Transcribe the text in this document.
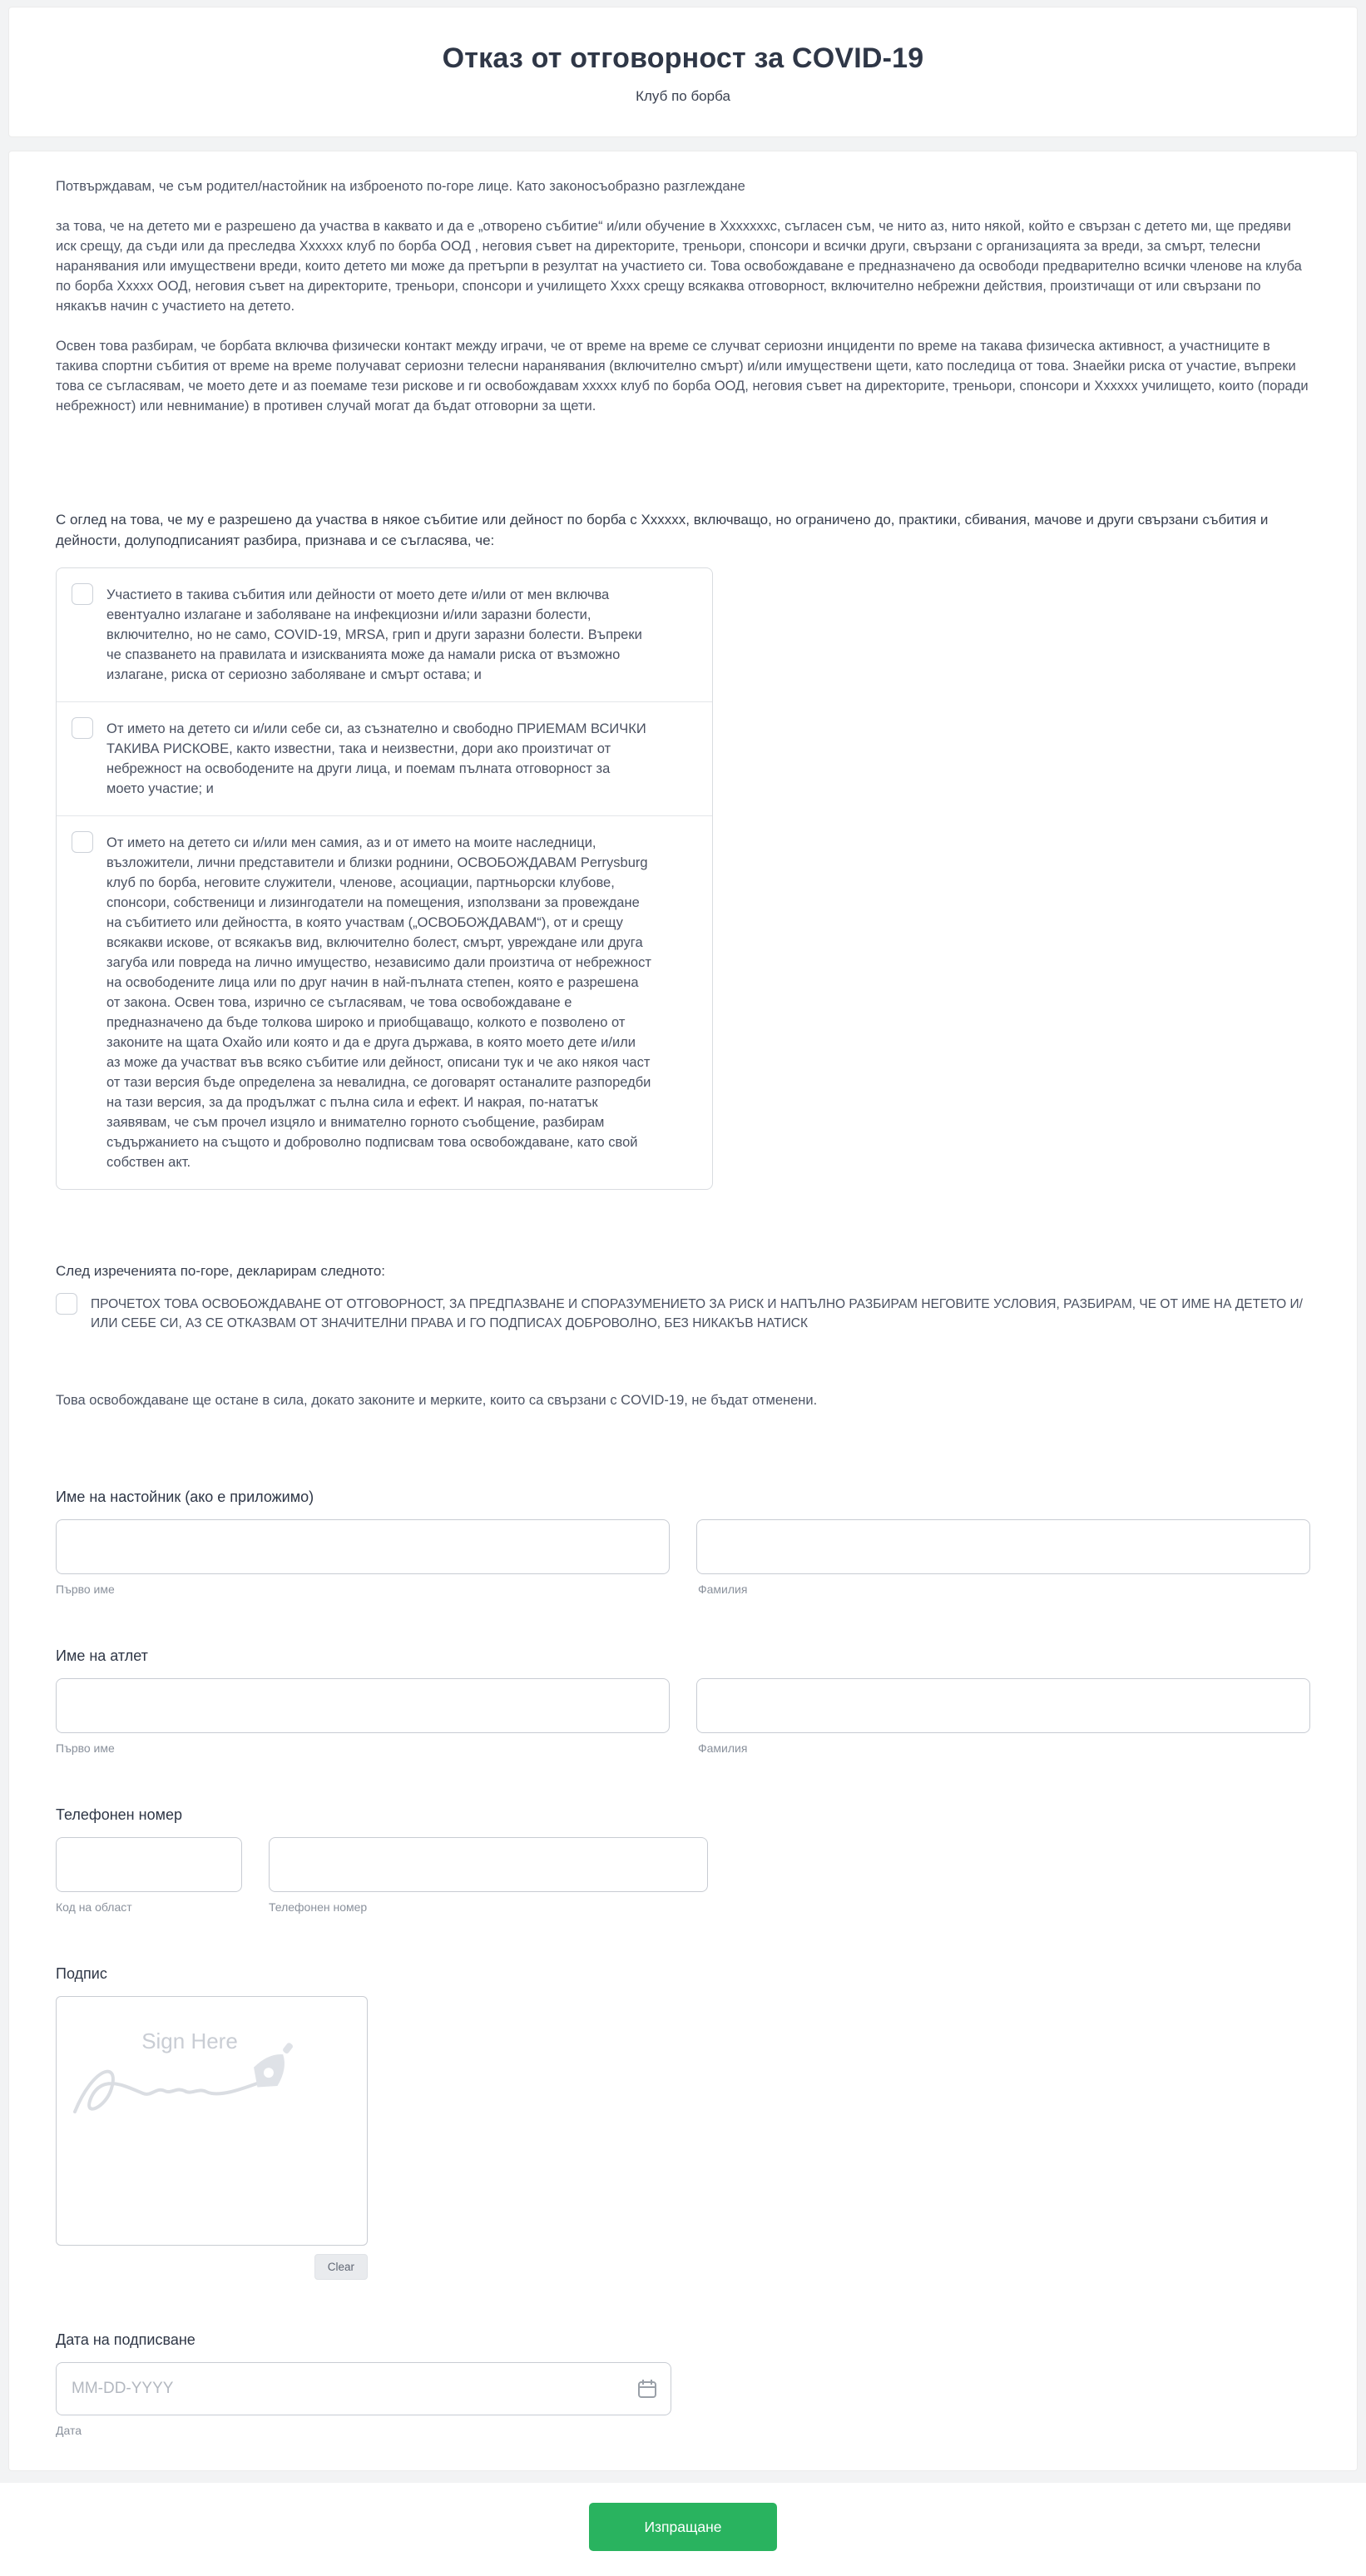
Отказ от отговорност за COVID-19
Клуб по борба

Потвърждавам, че съм родител/настойник на изброеното по-горе лице. Като законосъобразно разглеждане

за това, че на детето ми е разрешено да участва в каквато и да е „отворено събитие“ и/или обучение в Хххххххс, съгласен съм, че нито аз, нито някой, който е свързан с детето ми, ще предяви иск срещу, да съди или да преследва Хххххх клуб по борба ООД , неговия съвет на директорите, треньори, спонсори и всички други, свързани с организацията за вреди, за смърт, телесни наранявания или имуществени вреди, които детето ми може да претърпи в резултат на участието си. Това освобождаване е предназначено да освободи предварително всички членове на клуба по борба Ххххх ООД, неговия съвет на директорите, треньори, спонсори и училището Хххх срещу всякаква отговорност, включително небрежни действия, произтичащи от или свързани по някакъв начин с участието на детето.

Освен това разбирам, че борбата включва физически контакт между играчи, че от време на време се случват сериозни инциденти по време на такава физическа активност, а участниците в такива спортни събития от време на време получават сериозни телесни наранявания (включително смърт) и/или имуществени щети, като последица от това. Знаейки риска от участие, въпреки това се съгласявам, че моето дете и аз поемаме тези рискове и ги освобождавам ххххх клуб по борба ООД, неговия съвет на директорите, треньори, спонсори и Хххххх училището, които (поради небрежност) или невнимание) в противен случай могат да бъдат отговорни за щети.

С оглед на това, че му е разрешено да участва в някое събитие или дейност по борба с Хххххх, включващо, но ограничено до, практики, сбивания, мачове и други свързани събития и дейности, долуподписаният разбира, признава и се съгласява, че:

Участието в такива събития или дейности от моето дете и/или от мен включва евентуално излагане и заболяване на инфекциозни и/или заразни болести, включително, но не само, COVID-19, MRSA, грип и други заразни болести. Въпреки че спазването на правилата и изискванията може да намали риска от възможно излагане, риска от сериозно заболяване и смърт остава; и
От името на детето си и/или себе си, аз съзнателно и свободно ПРИЕМАМ ВСИЧКИ ТАКИВА РИСКОВЕ, както известни, така и неизвестни, дори ако произтичат от небрежност на освободените на други лица, и поемам пълната отговорност за моето участие; и
От името на детето си и/или мен самия, аз и от името на моите наследници, възложители, лични представители и близки роднини, ОСВОБОЖДАВАМ Perrysburg клуб по борба, неговите служители, членове, асоциации, партньорски клубове, спонсори, собственици и лизингодатели на помещения, използвани за провеждане на събитието или дейността, в която участвам („ОСВОБОЖДАВАМ“), от и срещу всякакви искове, от всякакъв вид, включително болест, смърт, увреждане или друга загуба или повреда на лично имущество, независимо дали произтича от небрежност на освободените лица или по друг начин в най-пълната степен, която е разрешена от закона. Освен това, изрично се съгласявам, че това освобождаване е предназначено да бъде толкова широко и приобщаващо, колкото е позволено от законите на щата Охайо или която и да е друга държава, в която моето дете и/или аз може да участват във всяко събитие или дейност, описани тук и че ако някоя част от тази версия бъде определена за невалидна, се договарят останалите разпоредби на тази версия, за да продължат с пълна сила и ефект. И накрая, по-нататък заявявам, че съм прочел изцяло и внимателно горното съобщение, разбирам съдържанието на същото и доброволно подписвам това освобождаване, като свой собствен акт.

След изреченията по-горе, декларирам следното:

ПРОЧЕТОХ ТОВА ОСВОБОЖДАВАНЕ ОТ ОТГОВОРНОСТ, ЗА ПРЕДПАЗВАНЕ И СПОРАЗУМЕНИЕТО ЗА РИСК И НАПЪЛНО РАЗБИРАМ НЕГОВИТЕ УСЛОВИЯ, РАЗБИРАМ, ЧЕ ОТ ИМЕ НА ДЕТЕТО И/ИЛИ СЕБЕ СИ, АЗ СЕ ОТКАЗВАМ ОТ ЗНАЧИТЕЛНИ ПРАВА И ГО ПОДПИСАХ ДОБРОВОЛНО, БЕЗ НИКАКЪВ НАТИСК

Това освобождаване ще остане в сила, докато законите и мерките, които са свързани с COVID-19, не бъдат отменени.

Име на настойник (ако е приложимо)
Първо име	Фамилия
Име на атлет
Първо име	Фамилия
Телефонен номер
Код на област	Телефонен номер
Подпис
Sign Here
Clear
Дата на подписване
MM-DD-YYYY
Дата
Изпращане
